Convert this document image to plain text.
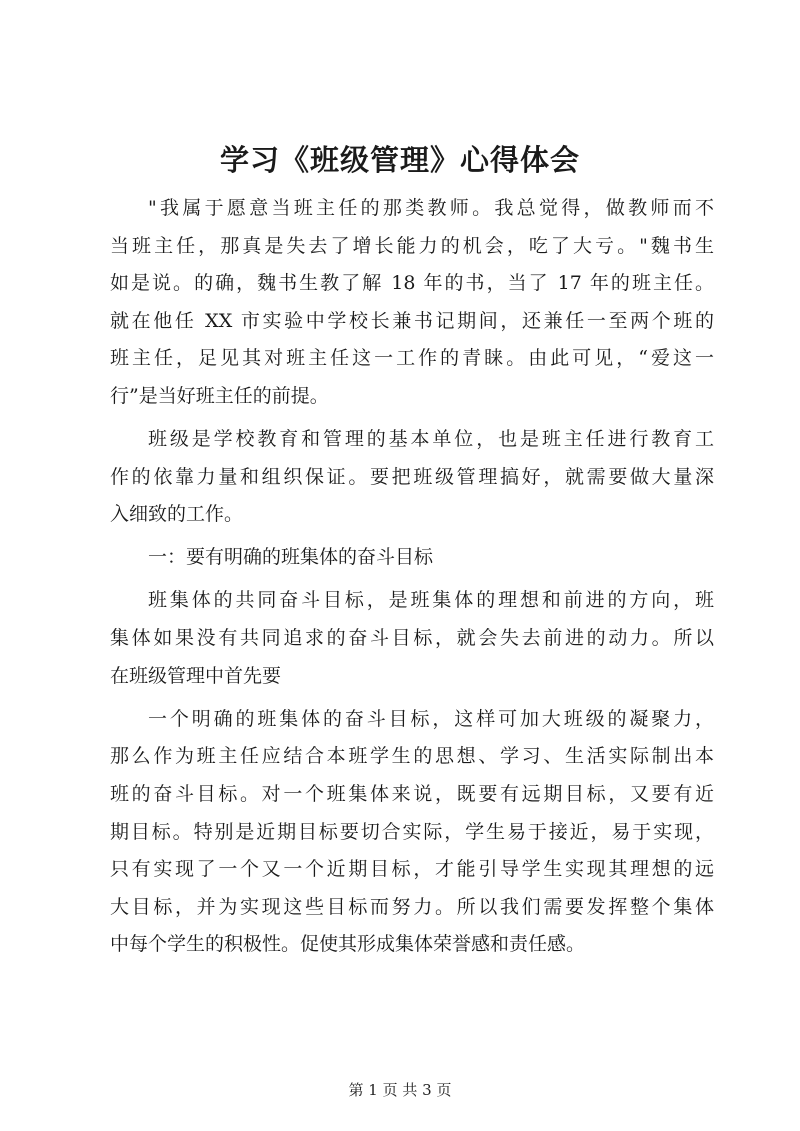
学习《班级管理》心得体会
"我属于愿意当班主任的那类教师。我总觉得，做教师而不
当班主任，那真是失去了增长能力的机会，吃了大亏。"魏书生
如是说。的确，魏书生教了解 18 年的书，当了 17 年的班主任。
就在他任 XX 市实验中学校长兼书记期间，还兼任一至两个班的
班主任，足见其对班主任这一工作的青睐。由此可见，“爱这一
行”是当好班主任的前提。
班级是学校教育和管理的基本单位，也是班主任进行教育工
作的依靠力量和组织保证。要把班级管理搞好，就需要做大量深
入细致的工作。
一：要有明确的班集体的奋斗目标
班集体的共同奋斗目标，是班集体的理想和前进的方向，班
集体如果没有共同追求的奋斗目标，就会失去前进的动力。所以
在班级管理中首先要
一个明确的班集体的奋斗目标，这样可加大班级的凝聚力，
那么作为班主任应结合本班学生的思想、学习、生活实际制出本
班的奋斗目标。对一个班集体来说，既要有远期目标，又要有近
期目标。特别是近期目标要切合实际，学生易于接近，易于实现，
只有实现了一个又一个近期目标，才能引导学生实现其理想的远
大目标，并为实现这些目标而努力。所以我们需要发挥整个集体
中每个学生的积极性。促使其形成集体荣誉感和责任感。
第 1 页 共 3 页
